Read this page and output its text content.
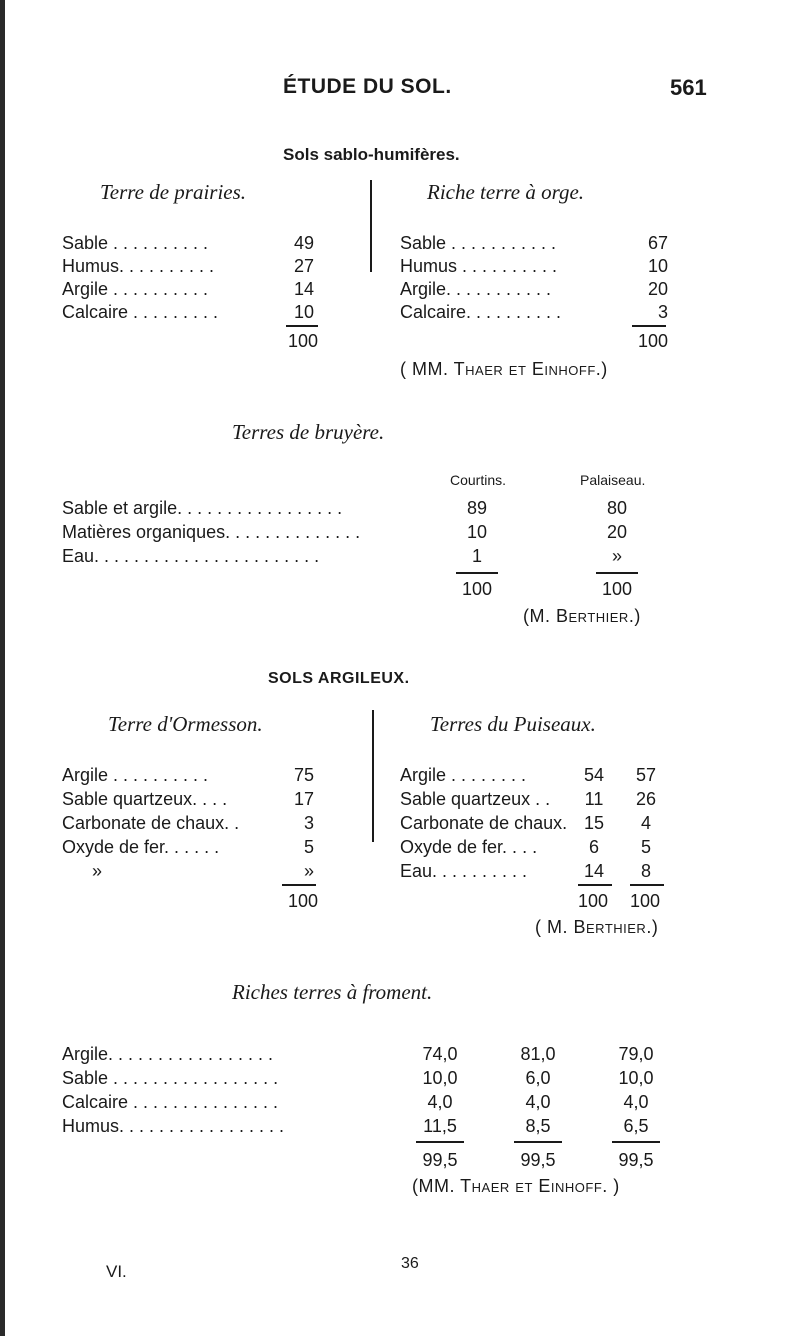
ÉTUDE DU SOL.	561
Sols sablo-humifères.
Terre de prairies.	Riche terre à orge.
Sable . . . . . . . . . .	49
Humus. . . . . . . . . .	27
Argile . . . . . . . . . .	14
Calcaire . . . . . . . . .	10
100
Sable . . . . . . . . . . .	67
Humus . . . . . . . . . .	10
Argile. . . . . . . . . . .	20
Calcaire. . . . . . . . . .	3
100
( MM. Thaer et Einhoff.)
Terres de bruyère.
Courtins.	Palaiseau.
Sable et argile. . . . . . . . . . . . . . . . .	89	80
Matières organiques. . . . . . . . . . . . . .	10	20
Eau. . . . . . . . . . . . . . . . . . . . . . .	1	»
100	100
(M. Berthier.)
SOLS ARGILEUX.
Terre d'Ormesson.	Terres du Puiseaux.
Argile . . . . . . . . . .	75
Sable quartzeux. . . .	17
Carbonate de chaux. .	3
Oxyde de fer. . . . . .	5
»	»
100
Argile . . . . . . . .	54	57
Sable quartzeux . .	11	26
Carbonate de chaux. 15	4
Oxyde de fer. . . .	6	5
Eau. . . . . . . . . .	14	8
100	100
( M. Berthier.)
Riches terres à froment.
Argile. . . . . . . . . . . . . . . . .	74,0	81,0	79,0
Sable . . . . . . . . . . . . . . . . .	10,0	6,0	10,0
Calcaire . . . . . . . . . . . . . . .	4,0	4,0	4,0
Humus. . . . . . . . . . . . . . . . .	11,5	8,5	6,5
99,5	99,5	99,5
(MM. Thaer et Einhoff. )
VI.	36
